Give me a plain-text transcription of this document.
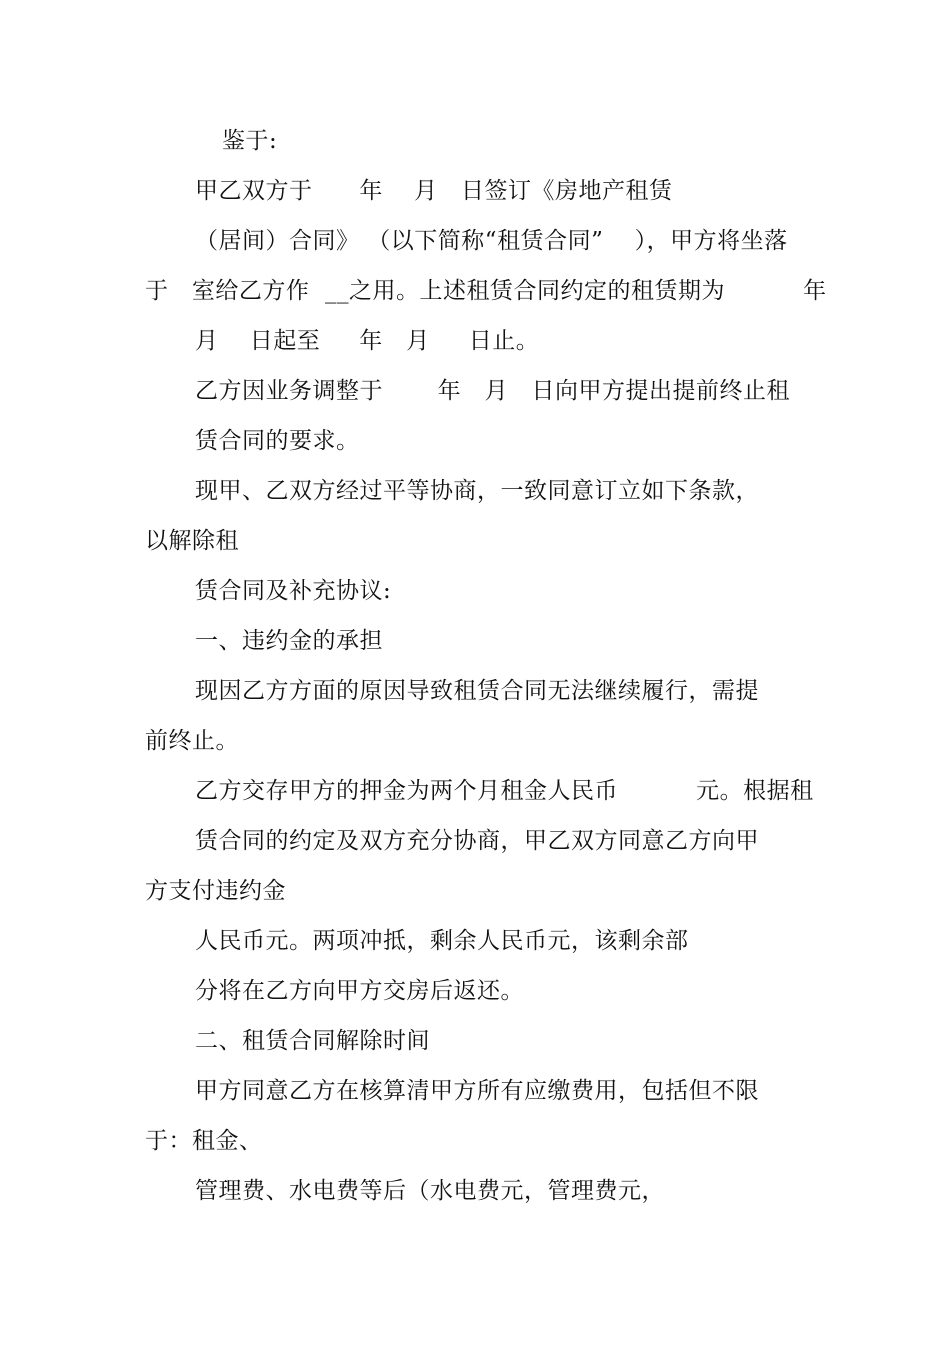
鉴于:
甲乙双方于      年    月   日签订《房地产租赁
（居间）合同》 （以下简称“租赁合同”    ），甲方将坐落
于   室给乙方作  __之用。上述租赁合同约定的租赁期为          年
月    日起至     年   月     日止。
乙方因业务调整于       年   月   日向甲方提出提前终止租
赁合同的要求。
现甲、乙双方经过平等协商，一致同意订立如下条款，
以解除租
赁合同及补充协议:
一、违约金的承担
现因乙方方面的原因导致租赁合同无法继续履行，需提
前终止。
乙方交存甲方的押金为两个月租金人民币          元。根据租
赁合同的约定及双方充分协商，甲乙双方同意乙方向甲
方支付违约金
人民币元。两项冲抵，剩余人民币元，该剩余部
分将在乙方向甲方交房后返还。
二、租赁合同解除时间
甲方同意乙方在核算清甲方所有应缴费用，包括但不限
于：租金、
管理费、水电费等后（水电费元，管理费元，
